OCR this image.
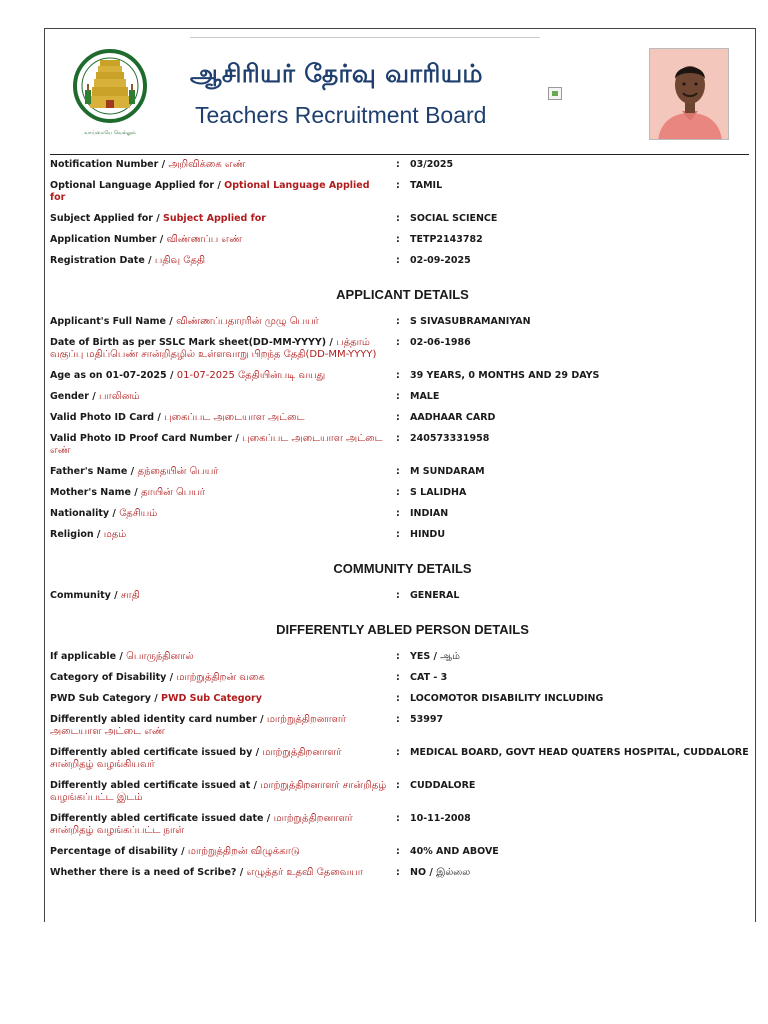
வாய்மையே வெல்லும்
ஆசிரியர் தேர்வு வாரியம்
Teachers Recruitment Board
Notification Number / அறிவிக்கை எண்	:	03/2025
Optional Language Applied for / Optional Language Applied for
:	TAMIL
Subject Applied for / Subject Applied for	:	SOCIAL SCIENCE
Application Number / விண்ணப்ப எண்	:	TETP2143782
Registration Date / பதிவு தேதி	:	02-09-2025
APPLICANT DETAILS
Applicant's Full Name / விண்ணப்பதாரரின் முழு பெயர்	:	S SIVASUBRAMANIYAN
Date of Birth as per SSLC Mark sheet(DD-MM-YYYY) / பத்தாம் வகுப்பு மதிப்பெண் சான்றிதழில் உள்ளவாறு பிறந்த தேதி(DD-MM-YYYY)
:	02-06-1986
Age as on 01-07-2025 / 01-07-2025 தேதியின்படி வயது	:	39 YEARS, 0 MONTHS AND 29 DAYS
Gender / பாலினம்	:	MALE
Valid Photo ID Card / புகைப்பட அடையாள அட்டை	:	AADHAAR CARD
Valid Photo ID Proof Card Number / புகைப்பட அடையாள அட்டை எண்
:	240573331958
Father's Name / தந்தையின் பெயர்	:	M SUNDARAM
Mother's Name / தாயின் பெயர்	:	S LALIDHA
Nationality / தேசியம்	:	INDIAN
Religion / மதம்	:	HINDU
COMMUNITY DETAILS
Community / சாதி	:	GENERAL
DIFFERENTLY ABLED PERSON DETAILS
If applicable / பொருந்தினால்	:	YES / ஆம்
Category of Disability / மாற்றுத்திறன் வகை	:	CAT - 3
PWD Sub Category / PWD Sub Category	:	LOCOMOTOR DISABILITY INCLUDING
Differently abled identity card number / மாற்றுத்திறனாளர் அடையாள அட்டை எண்
:	53997
Differently abled certificate issued by / மாற்றுத்திறனாளர் சான்றிதழ் வழங்கியவர்
:	MEDICAL BOARD, GOVT HEAD QUATERS HOSPITAL, CUDDALORE
Differently abled certificate issued at / மாற்றுத்திறனாளர் சான்றிதழ் வழங்கப்பட்ட இடம்
:	CUDDALORE
Differently abled certificate issued date / மாற்றுத்திறனாளர் சான்றிதழ் வழங்கப்பட்ட நாள்
:	10-11-2008
Percentage of disability / மாற்றுத்திறன் விழுக்காடு	:	40% AND ABOVE
Whether there is a need of Scribe? / எழுத்தர் உதவி தேவையா	:	NO / இல்லை
